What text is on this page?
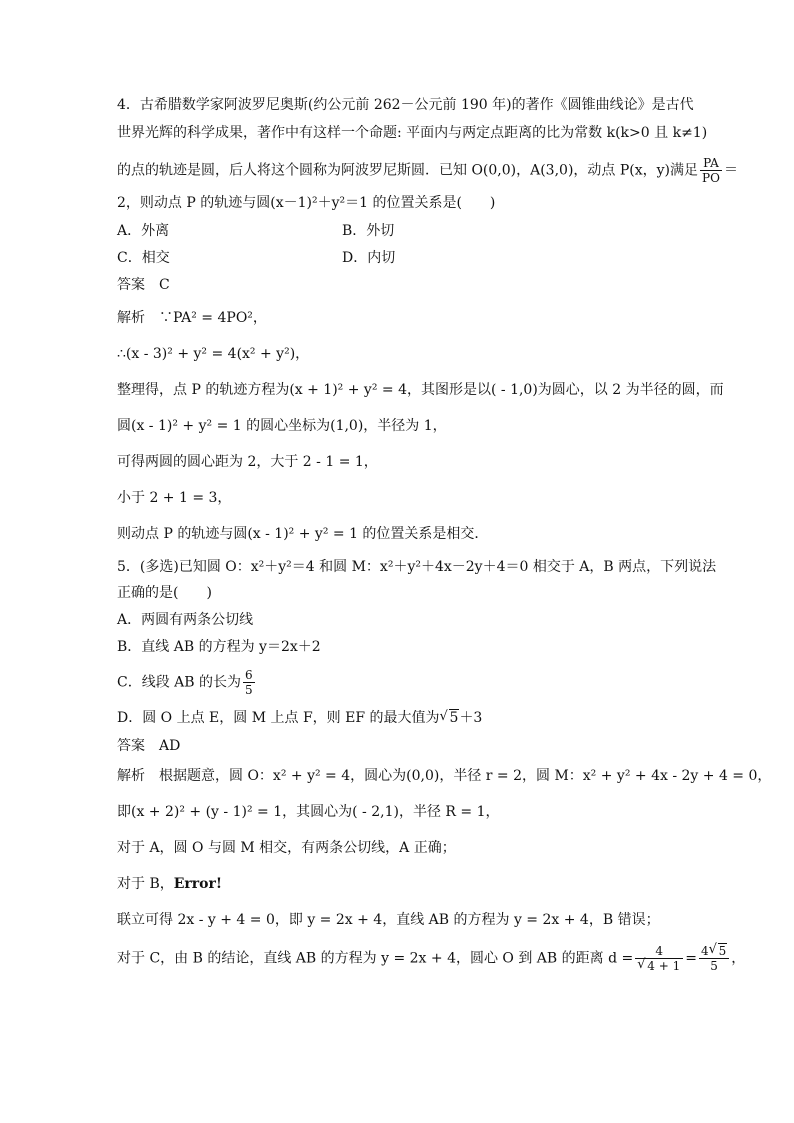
4．古希腊数学家阿波罗尼奥斯(约公元前 262－公元前 190 年)的著作《圆锥曲线论》是古代
世界光辉的科学成果，著作中有这样一个命题: 平面内与两定点距离的比为常数 k(k>0 且 k≠1)
的点的轨迹是圆，后人将这个圆称为阿波罗尼斯圆．已知 O(0,0)，A(3,0)，动点 P(x，y)满足 $\frac{PA}{PO}$ ＝
2，则动点 P 的轨迹与圆(x－1)²＋y²＝1 的位置关系是(　　)
A．外离	B．外切
C．相交	D．内切
答案　C
解析　∵PA² = 4PO²，
∴(x - 3)² + y² = 4(x² + y²)，
整理得，点 P 的轨迹方程为(x + 1)² + y² = 4，其图形是以( - 1,0)为圆心，以 2 为半径的圆，而
圆(x - 1)² + y² = 1 的圆心坐标为(1,0)，半径为 1，
可得两圆的圆心距为 2，大于 2 - 1 = 1，
小于 2 + 1 = 3，
则动点 P 的轨迹与圆(x - 1)² + y² = 1 的位置关系是相交．
5．(多选)已知圆 O：x²＋y²＝4 和圆 M：x²＋y²＋4x－2y＋4＝0 相交于 A，B 两点，下列说法
正确的是(　　)
A．两圆有两条公切线
B．直线 AB 的方程为 y＝2x＋2
C．线段 AB 的长为 $\frac{6}{5}$
D．圆 O 上点 E，圆 M 上点 F，则 EF 的最大值为 √ 5＋3
答案　AD
解析　根据题意，圆 O：x² + y² = 4，圆心为(0,0)，半径 r = 2，圆 M：x² + y² + 4x - 2y + 4 = 0，
即(x + 2)² + (y - 1)² = 1，其圆心为( - 2,1)，半径 R = 1，
对于 A，圆 O 与圆 M 相交，有两条公切线，A 正确；
对于 B，Error!
联立可得 2x - y + 4 = 0，即 y = 2x + 4，直线 AB 的方程为 y = 2x + 4，B 错误；
对于 C，由 B 的结论，直线 AB 的方程为 y = 2x + 4，圆心 O 到 AB 的距离 d = 4
√ $4 + 1 = \frac{4 √ 5}{5}$ ，
